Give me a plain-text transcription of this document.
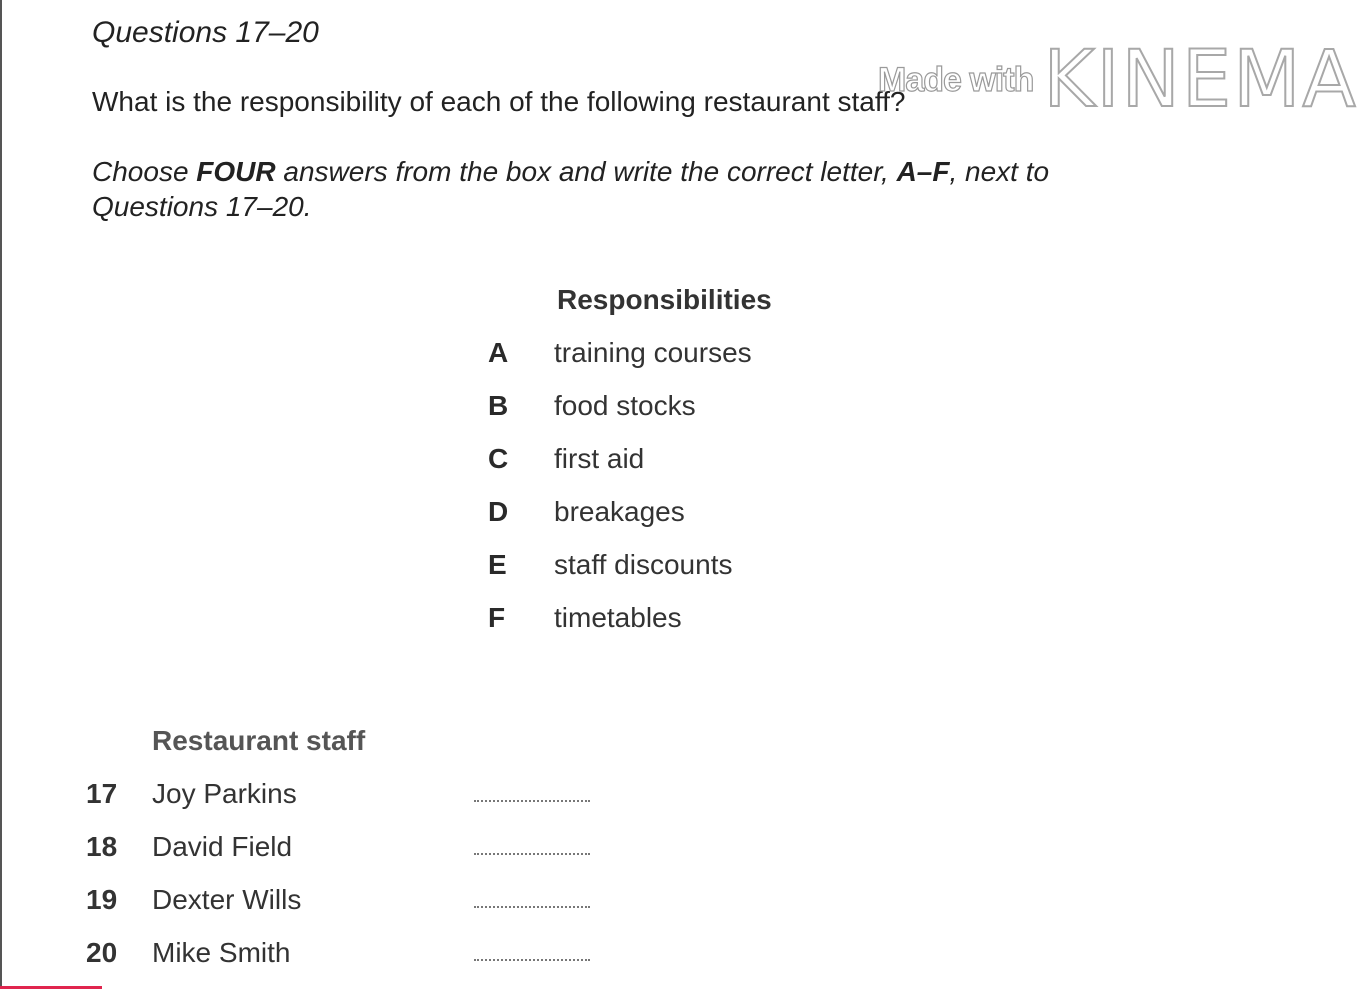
Questions 17–20
What is the responsibility of each of the following restaurant staff?
Made with KINEMA
Choose FOUR answers from the box and write the correct letter, A–F, next to Questions 17–20.
Responsibilities
A training courses
B food stocks
C first aid
D breakages
E staff discounts
F timetables
Restaurant staff
17 Joy Parkins
18 David Field
19 Dexter Wills
20 Mike Smith
